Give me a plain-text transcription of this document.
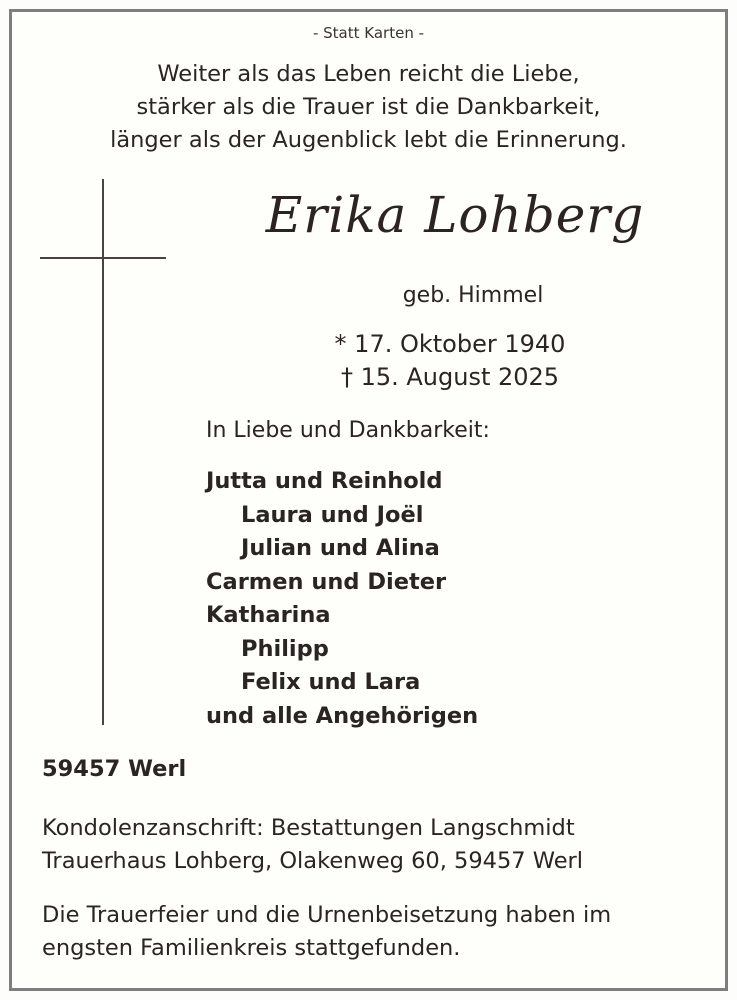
- Statt Karten -
Weiter als das Leben reicht die Liebe,
stärker als die Trauer ist die Dankbarkeit,
länger als der Augenblick lebt die Erinnerung.
Erika Lohberg
geb. Himmel
* 17. Oktober 1940
† 15. August 2025
In Liebe und Dankbarkeit:
Jutta und Reinhold
Laura und Joël
Julian und Alina
Carmen und Dieter
Katharina
Philipp
Felix und Lara
und alle Angehörigen
59457 Werl
Kondolenzanschrift: Bestattungen Langschmidt
Trauerhaus Lohberg, Olakenweg 60, 59457 Werl
Die Trauerfeier und die Urnenbeisetzung haben im
engsten Familienkreis stattgefunden.
